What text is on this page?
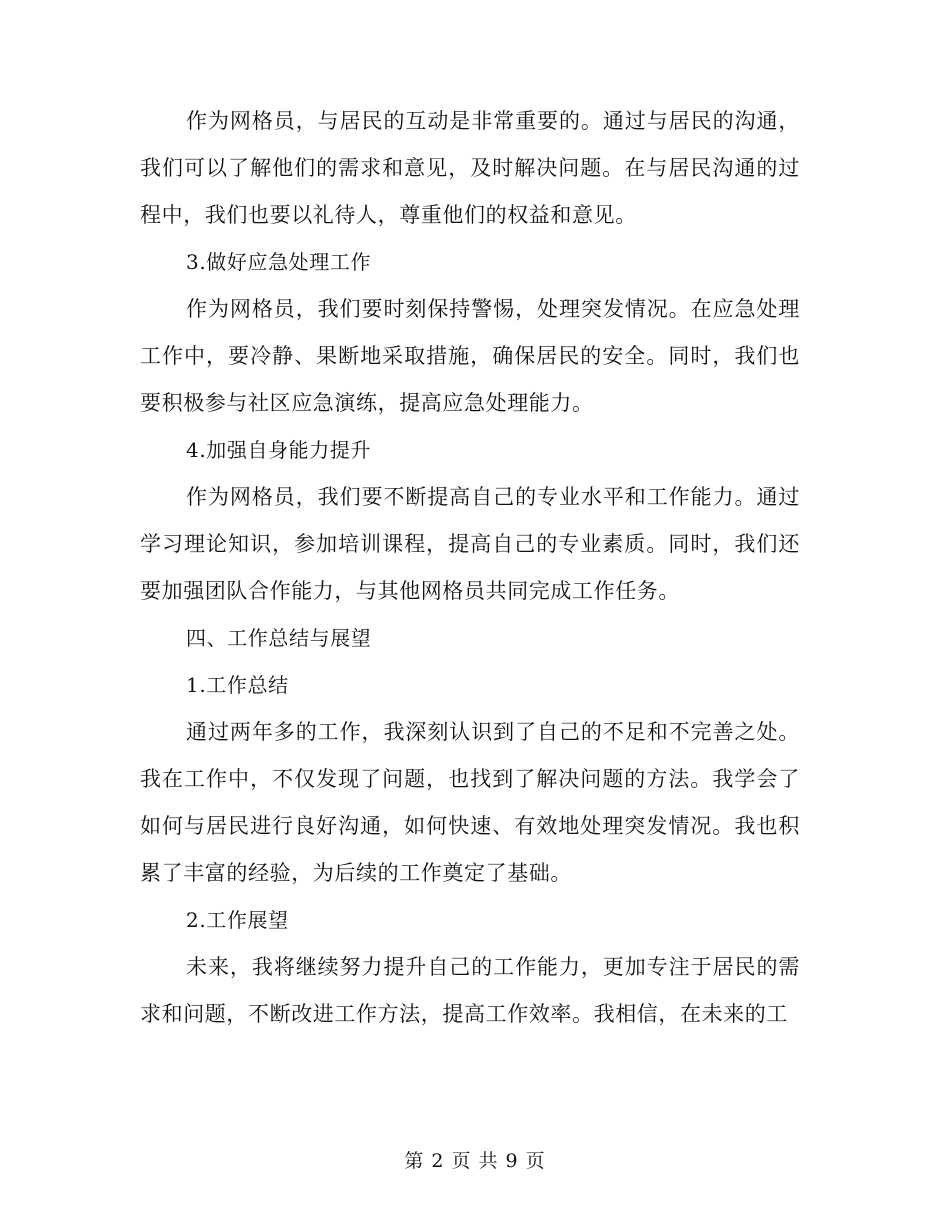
作为网格员，与居民的互动是非常重要的。通过与居民的沟通，我们可以了解他们的需求和意见，及时解决问题。在与居民沟通的过程中，我们也要以礼待人，尊重他们的权益和意见。

3.做好应急处理工作

作为网格员，我们要时刻保持警惕，处理突发情况。在应急处理工作中，要冷静、果断地采取措施，确保居民的安全。同时，我们也要积极参与社区应急演练，提高应急处理能力。

4.加强自身能力提升

作为网格员，我们要不断提高自己的专业水平和工作能力。通过学习理论知识，参加培训课程，提高自己的专业素质。同时，我们还要加强团队合作能力，与其他网格员共同完成工作任务。

四、工作总结与展望

1.工作总结

通过两年多的工作，我深刻认识到了自己的不足和不完善之处。我在工作中，不仅发现了问题，也找到了解决问题的方法。我学会了如何与居民进行良好沟通，如何快速、有效地处理突发情况。我也积累了丰富的经验，为后续的工作奠定了基础。

2.工作展望

未来，我将继续努力提升自己的工作能力，更加专注于居民的需求和问题，不断改进工作方法，提高工作效率。我相信，在未来的工

第 2 页 共 9 页
